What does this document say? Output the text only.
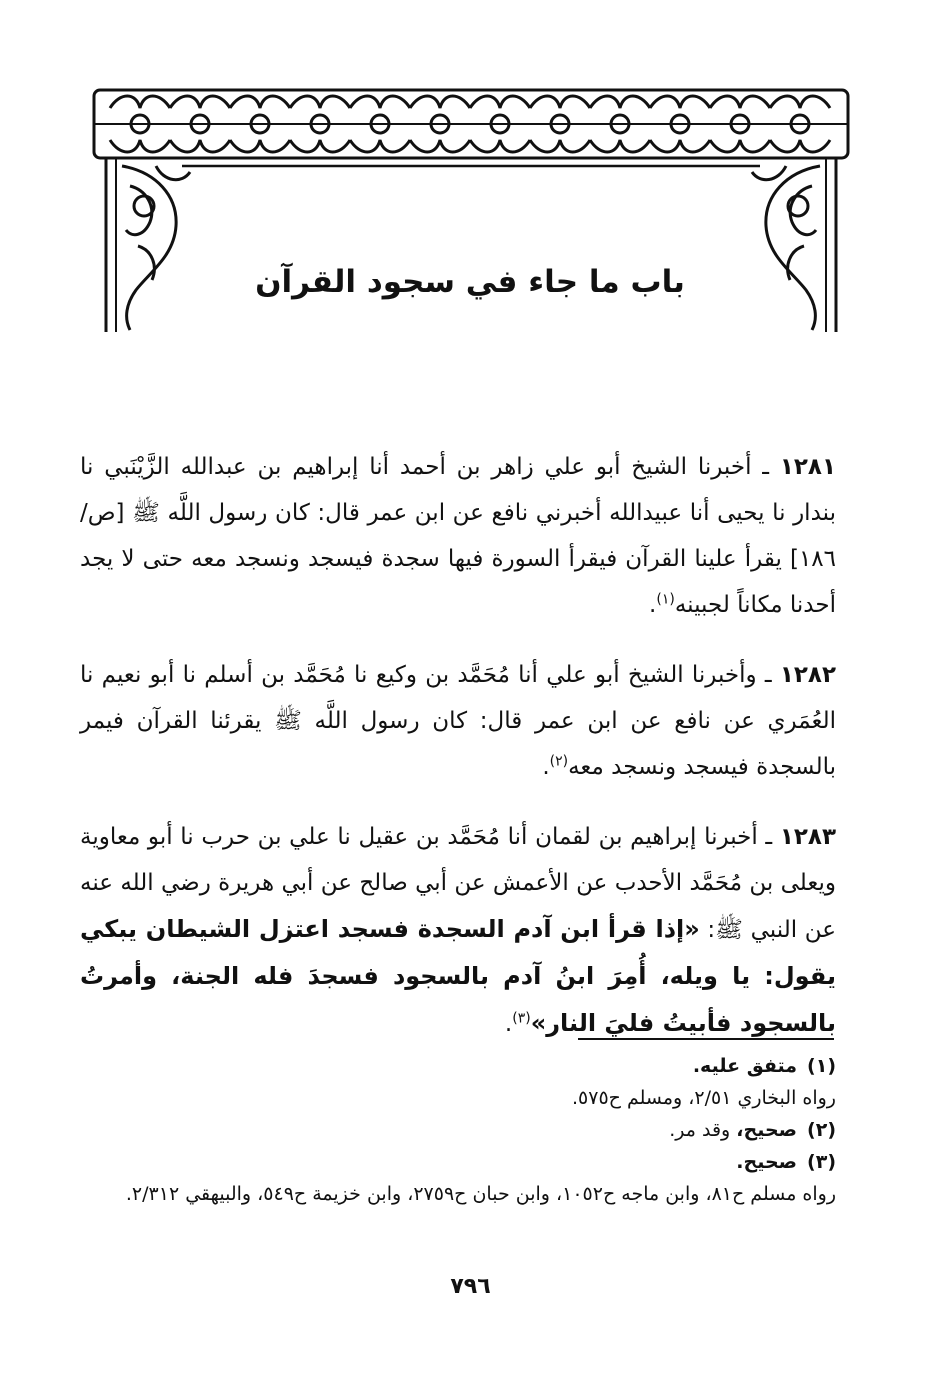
باب ما جاء في سجود القرآن

١٢٨١ ـ أخبرنا الشيخ أبو علي زاهر بن أحمد أنا إبراهيم بن عبدالله الزَّيْنَبي نا بندار نا يحيى أنا عبيدالله أخبرني نافع عن ابن عمر قال: كان رسول اللَّه ﷺ [ص/١٨٦] يقرأ علينا القرآن فيقرأ السورة فيها سجدة فيسجد ونسجد معه حتى لا يجد أحدنا مكاناً لجبينه$^{(١)}$.

١٢٨٢ ـ وأخبرنا الشيخ أبو علي أنا مُحَمَّد بن وكيع نا مُحَمَّد بن أسلم نا أبو نعيم نا العُمَري عن نافع عن ابن عمر قال: كان رسول اللَّه ﷺ يقرئنا القرآن فيمر بالسجدة فيسجد ونسجد معه$^{(٢)}$.

١٢٨٣ ـ أخبرنا إبراهيم بن لقمان أنا مُحَمَّد بن عقيل نا علي بن حرب نا أبو معاوية ويعلى بن مُحَمَّد الأحدب عن الأعمش عن أبي صالح عن أبي هريرة رضي الله عنه عن النبي ﷺ: «إذا قرأ ابن آدم السجدة فسجد اعتزل الشيطان يبكي يقول: يا ويله، أُمِرَ ابنُ آدم بالسجود فسجدَ فله الجنة، وأمرتُ بالسجود فأبيتُ فليَ النار»$^{(٣)}$.

(١)متفق عليه.

رواه البخاري ٢/٥١، ومسلم ح٥٧٥.

(٢)صحيح، وقد مر.

(٣)صحيح.

رواه مسلم ح٨١، وابن ماجه ح١٠٥٢، وابن حبان ح٢٧٥٩، وابن خزيمة ح٥٤٩، والبيهقي ٢/٣١٢.

٧٩٦
